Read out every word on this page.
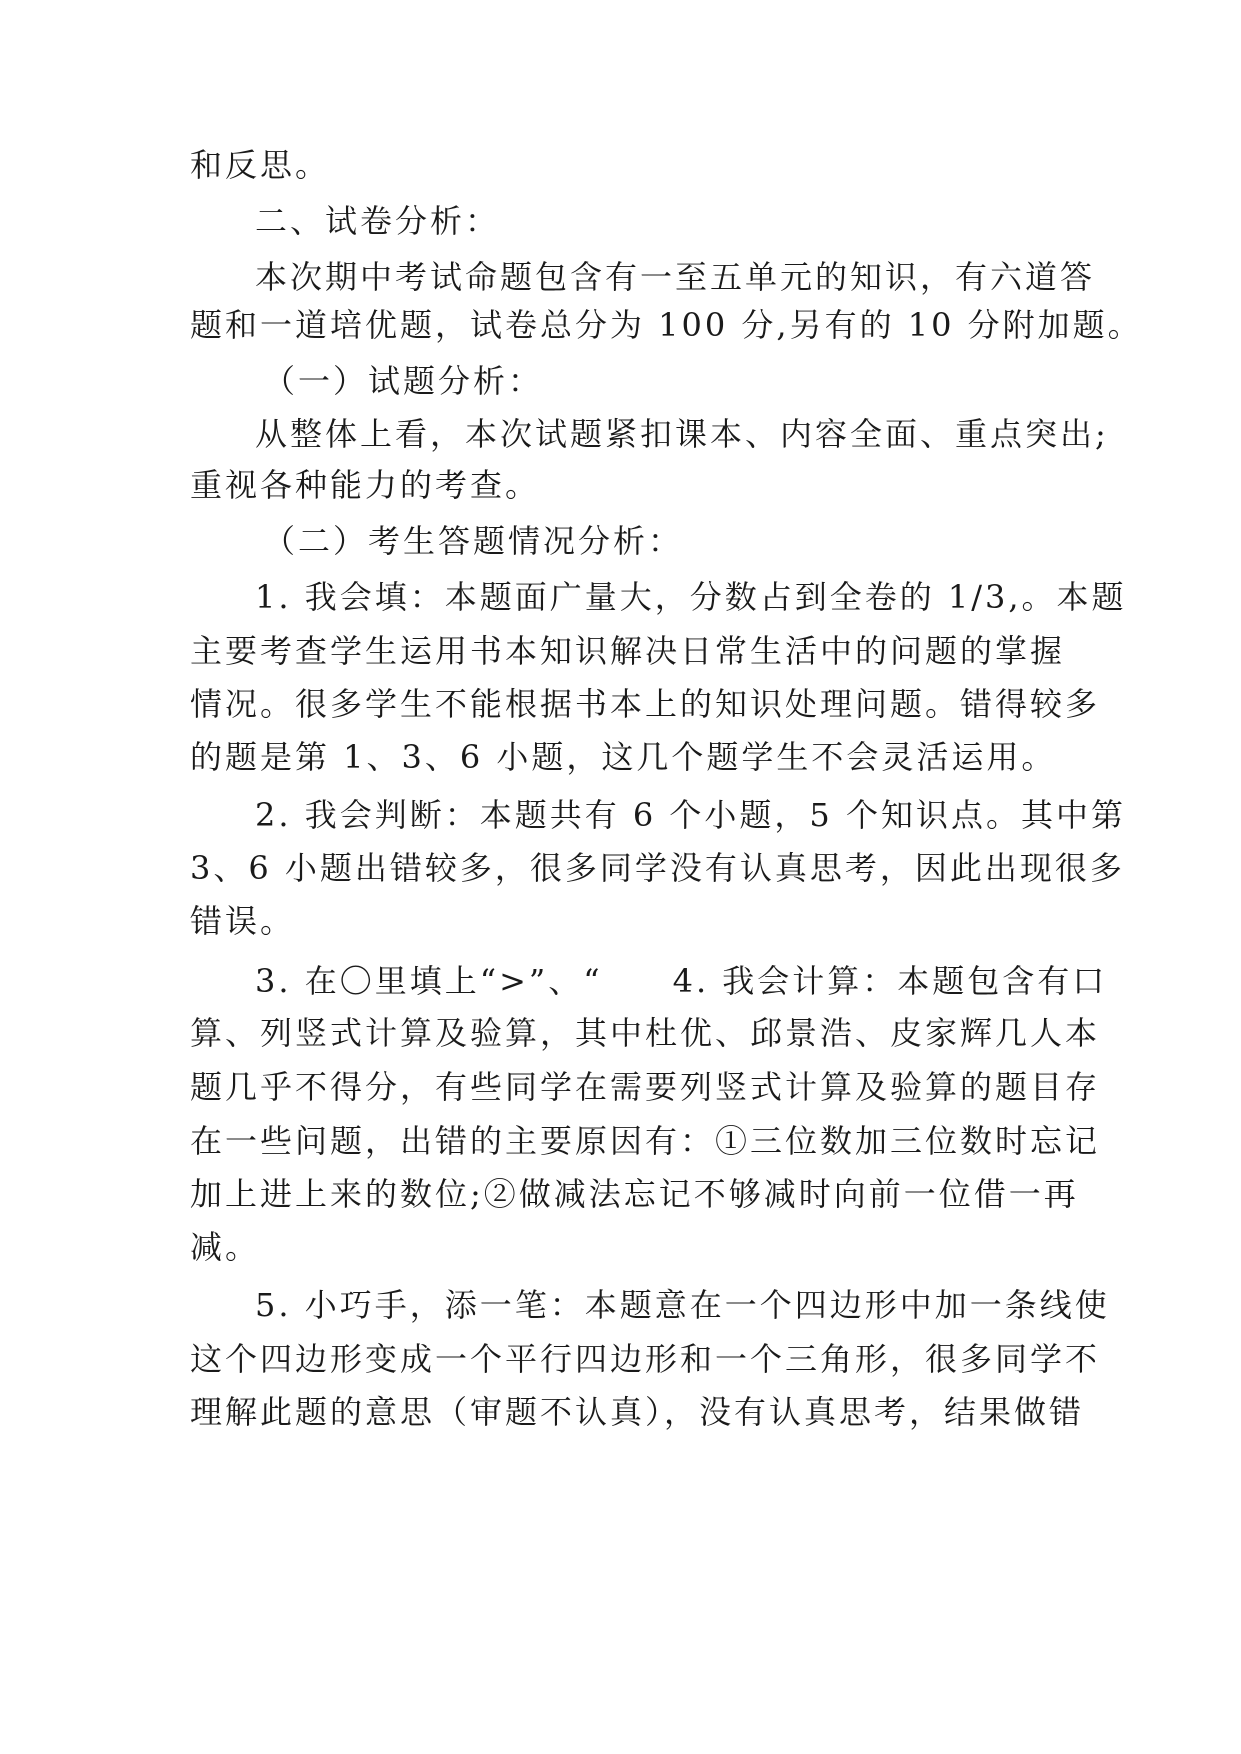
和反思。
二、试卷分析：
本次期中考试命题包含有一至五单元的知识，有六道答
题和一道培优题，试卷总分为 100 分,另有的 10 分附加题。
（一）试题分析：
从整体上看，本次试题紧扣课本、内容全面、重点突出;
重视各种能力的考查。
（二）考生答题情况分析：
1. 我会填：本题面广量大，分数占到全卷的 1/3,。本题
主要考查学生运用书本知识解决日常生活中的问题的掌握
情况。很多学生不能根据书本上的知识处理问题。错得较多
的题是第 1、3、6 小题，这几个题学生不会灵活运用。
2. 我会判断：本题共有 6 个小题，5 个知识点。其中第
3、6 小题出错较多，很多同学没有认真思考，因此出现很多
错误。
3. 在〇里填上“>”、“　　4. 我会计算：本题包含有口
算、列竖式计算及验算，其中杜优、邱景浩、皮家辉几人本
题几乎不得分，有些同学在需要列竖式计算及验算的题目存
在一些问题，出错的主要原因有：①三位数加三位数时忘记
加上进上来的数位;②做减法忘记不够减时向前一位借一再
减。
5. 小巧手，添一笔：本题意在一个四边形中加一条线使
这个四边形变成一个平行四边形和一个三角形，很多同学不
理解此题的意思（审题不认真），没有认真思考，结果做错
